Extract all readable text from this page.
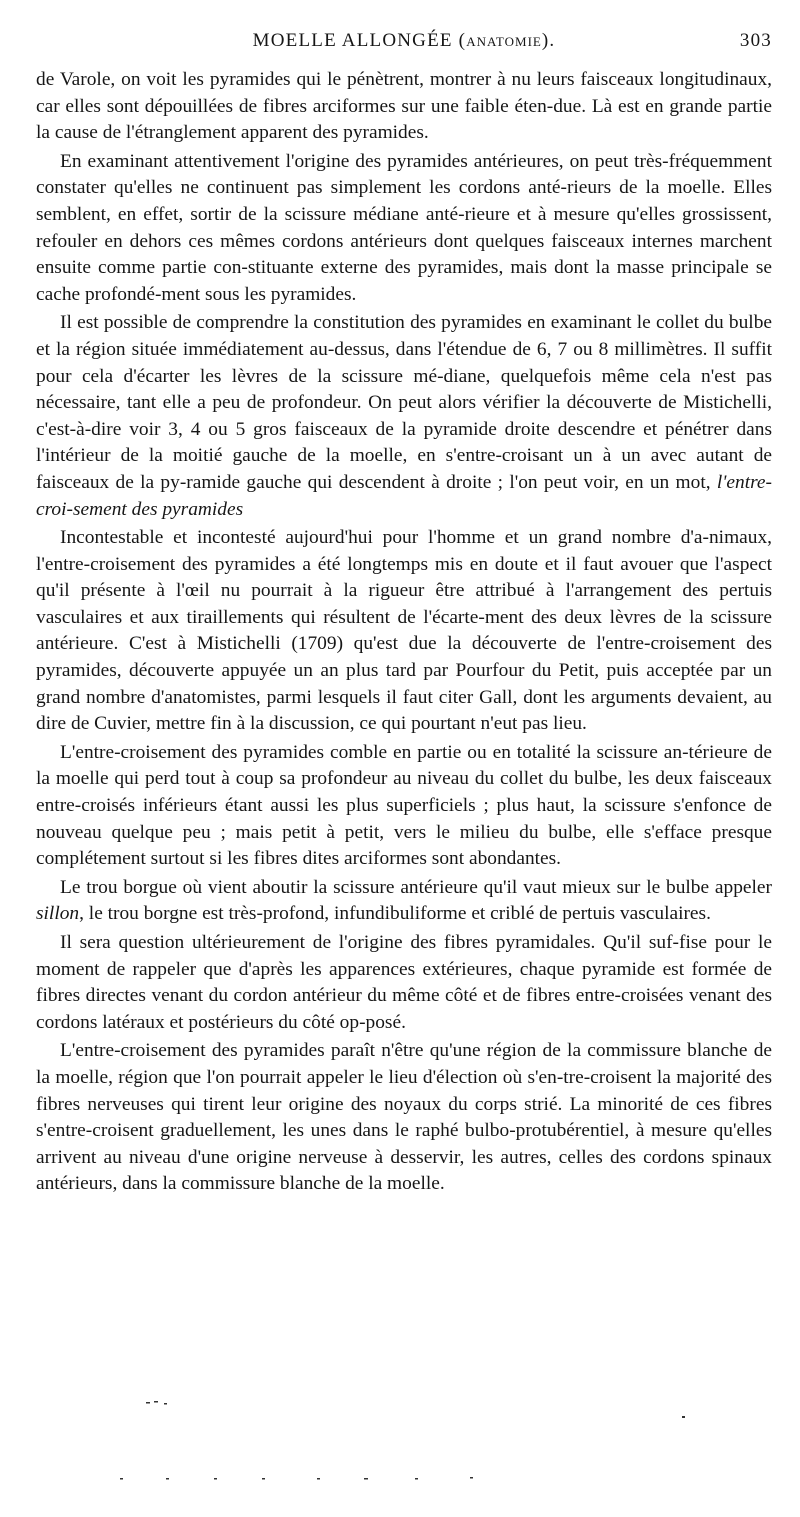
MOELLE ALLONGÉE (ANATOMIE).	303

de Varole, on voit les pyramides qui le pénètrent, montrer à nu leurs faisceaux longitudinaux, car elles sont dépouillées de fibres arciformes sur une faible éten-due. Là est en grande partie la cause de l'étranglement apparent des pyramides.

En examinant attentivement l'origine des pyramides antérieures, on peut très-fréquemment constater qu'elles ne continuent pas simplement les cordons anté-rieurs de la moelle. Elles semblent, en effet, sortir de la scissure médiane anté-rieure et à mesure qu'elles grossissent, refouler en dehors ces mêmes cordons antérieurs dont quelques faisceaux internes marchent ensuite comme partie con-stituante externe des pyramides, mais dont la masse principale se cache profondé-ment sous les pyramides.

Il est possible de comprendre la constitution des pyramides en examinant le collet du bulbe et la région située immédiatement au-dessus, dans l'étendue de 6, 7 ou 8 millimètres. Il suffit pour cela d'écarter les lèvres de la scissure mé-diane, quelquefois même cela n'est pas nécessaire, tant elle a peu de profondeur. On peut alors vérifier la découverte de Mistichelli, c'est-à-dire voir 3, 4 ou 5 gros faisceaux de la pyramide droite descendre et pénétrer dans l'intérieur de la moitié gauche de la moelle, en s'entre-croisant un à un avec autant de faisceaux de la py-ramide gauche qui descendent à droite ; l'on peut voir, en un mot, l'entre-croi-sement des pyramides

Incontestable et incontesté aujourd'hui pour l'homme et un grand nombre d'a-nimaux, l'entre-croisement des pyramides a été longtemps mis en doute et il faut avouer que l'aspect qu'il présente à l'œil nu pourrait à la rigueur être attribué à l'arrangement des pertuis vasculaires et aux tiraillements qui résultent de l'écarte-ment des deux lèvres de la scissure antérieure. C'est à Mistichelli (1709) qu'est due la découverte de l'entre-croisement des pyramides, découverte appuyée un an plus tard par Pourfour du Petit, puis acceptée par un grand nombre d'anatomistes, parmi lesquels il faut citer Gall, dont les arguments devaient, au dire de Cuvier, mettre fin à la discussion, ce qui pourtant n'eut pas lieu.

L'entre-croisement des pyramides comble en partie ou en totalité la scissure an-térieure de la moelle qui perd tout à coup sa profondeur au niveau du collet du bulbe, les deux faisceaux entre-croisés inférieurs étant aussi les plus superficiels ; plus haut, la scissure s'enfonce de nouveau quelque peu ; mais petit à petit, vers le milieu du bulbe, elle s'efface presque complétement surtout si les fibres dites arciformes sont abondantes.

Le trou borgue où vient aboutir la scissure antérieure qu'il vaut mieux sur le bulbe appeler sillon, le trou borgne est très-profond, infundibuliforme et criblé de pertuis vasculaires.

Il sera question ultérieurement de l'origine des fibres pyramidales. Qu'il suf-fise pour le moment de rappeler que d'après les apparences extérieures, chaque pyramide est formée de fibres directes venant du cordon antérieur du même côté et de fibres entre-croisées venant des cordons latéraux et postérieurs du côté op-posé.

L'entre-croisement des pyramides paraît n'être qu'une région de la commissure blanche de la moelle, région que l'on pourrait appeler le lieu d'élection où s'en-tre-croisent la majorité des fibres nerveuses qui tirent leur origine des noyaux du corps strié. La minorité de ces fibres s'entre-croisent graduellement, les unes dans le raphé bulbo-protubérentiel, à mesure qu'elles arrivent au niveau d'une origine nerveuse à desservir, les autres, celles des cordons spinaux antérieurs, dans la commissure blanche de la moelle.
